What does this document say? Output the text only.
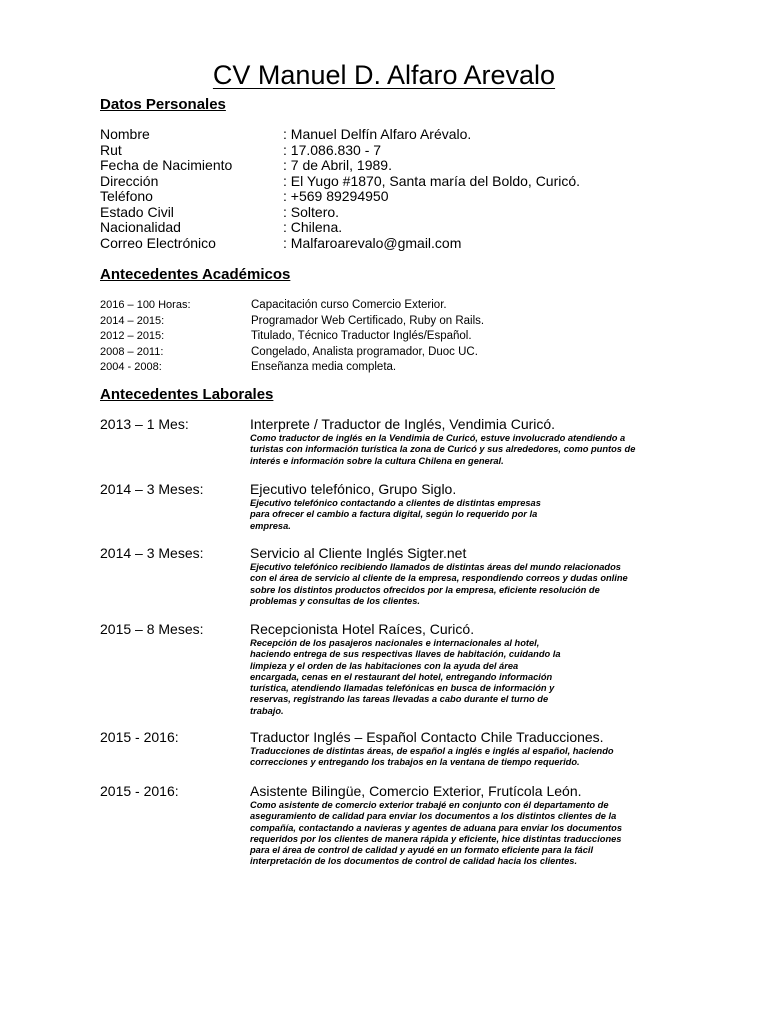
CV Manuel D. Alfaro Arevalo
Datos Personales
Nombre	: Manuel Delfín Alfaro Arévalo.
Rut	: 17.086.830 - 7
Fecha de Nacimiento	: 7 de Abril, 1989.
Dirección	: El Yugo #1870, Santa maría del Boldo, Curicó.
Teléfono	: +569 89294950
Estado Civil	: Soltero.
Nacionalidad	: Chilena.
Correo Electrónico	: Malfaroarevalo@gmail.com
Antecedentes Académicos
2016 – 100 Horas:	Capacitación curso Comercio Exterior.
2014 – 2015:	Programador Web Certificado, Ruby on Rails.
2012 – 2015:	Titulado, Técnico Traductor Inglés/Español.
2008 – 2011:	Congelado, Analista programador, Duoc UC.
2004 - 2008:	Enseñanza media completa.
Antecedentes Laborales
2013 – 1 Mes:	Interprete / Traductor de Inglés, Vendimia Curicó.
Como traductor de inglés en la Vendimia de Curicó, estuve involucrado atendiendo a
turistas con información turística la zona de Curicó y sus alrededores, como puntos de
interés e información sobre la cultura Chilena en general.
2014 – 3 Meses:	Ejecutivo telefónico, Grupo Siglo.
Ejecutivo telefónico contactando a clientes de distintas empresas
para ofrecer el cambio a factura digital, según lo requerido por la
empresa.
2014 – 3 Meses:	Servicio al Cliente Inglés Sigter.net
Ejecutivo telefónico recibiendo llamados de distintas áreas del mundo relacionados
con el área de servicio al cliente de la empresa, respondiendo correos y dudas online
sobre los distintos productos ofrecidos por la empresa, eficiente resolución de
problemas y consultas de los clientes.
2015 – 8 Meses:	Recepcionista Hotel Raíces, Curicó.
Recepción de los pasajeros nacionales e internacionales al hotel,
haciendo entrega de sus respectivas llaves de habitación, cuidando la
limpieza y el orden de las habitaciones con la ayuda del área
encargada, cenas en el restaurant del hotel, entregando información
turística, atendiendo llamadas telefónicas en busca de información y
reservas, registrando las tareas llevadas a cabo durante el turno de
trabajo.
2015 - 2016:	Traductor Inglés – Español Contacto Chile Traducciones.
Traducciones de distintas áreas, de español a inglés e inglés al español, haciendo
correcciones y entregando los trabajos en la ventana de tiempo requerido.
2015 - 2016:	Asistente Bilingüe, Comercio Exterior, Frutícola León.
Como asistente de comercio exterior trabajé en conjunto con él departamento de
aseguramiento de calidad para enviar los documentos a los distintos clientes de la
compañía, contactando a navieras y agentes de aduana para enviar los documentos
requeridos por los clientes de manera rápida y eficiente, hice distintas traducciones
para el área de control de calidad y ayudé en un formato eficiente para la fácil
interpretación de los documentos de control de calidad hacia los clientes.
